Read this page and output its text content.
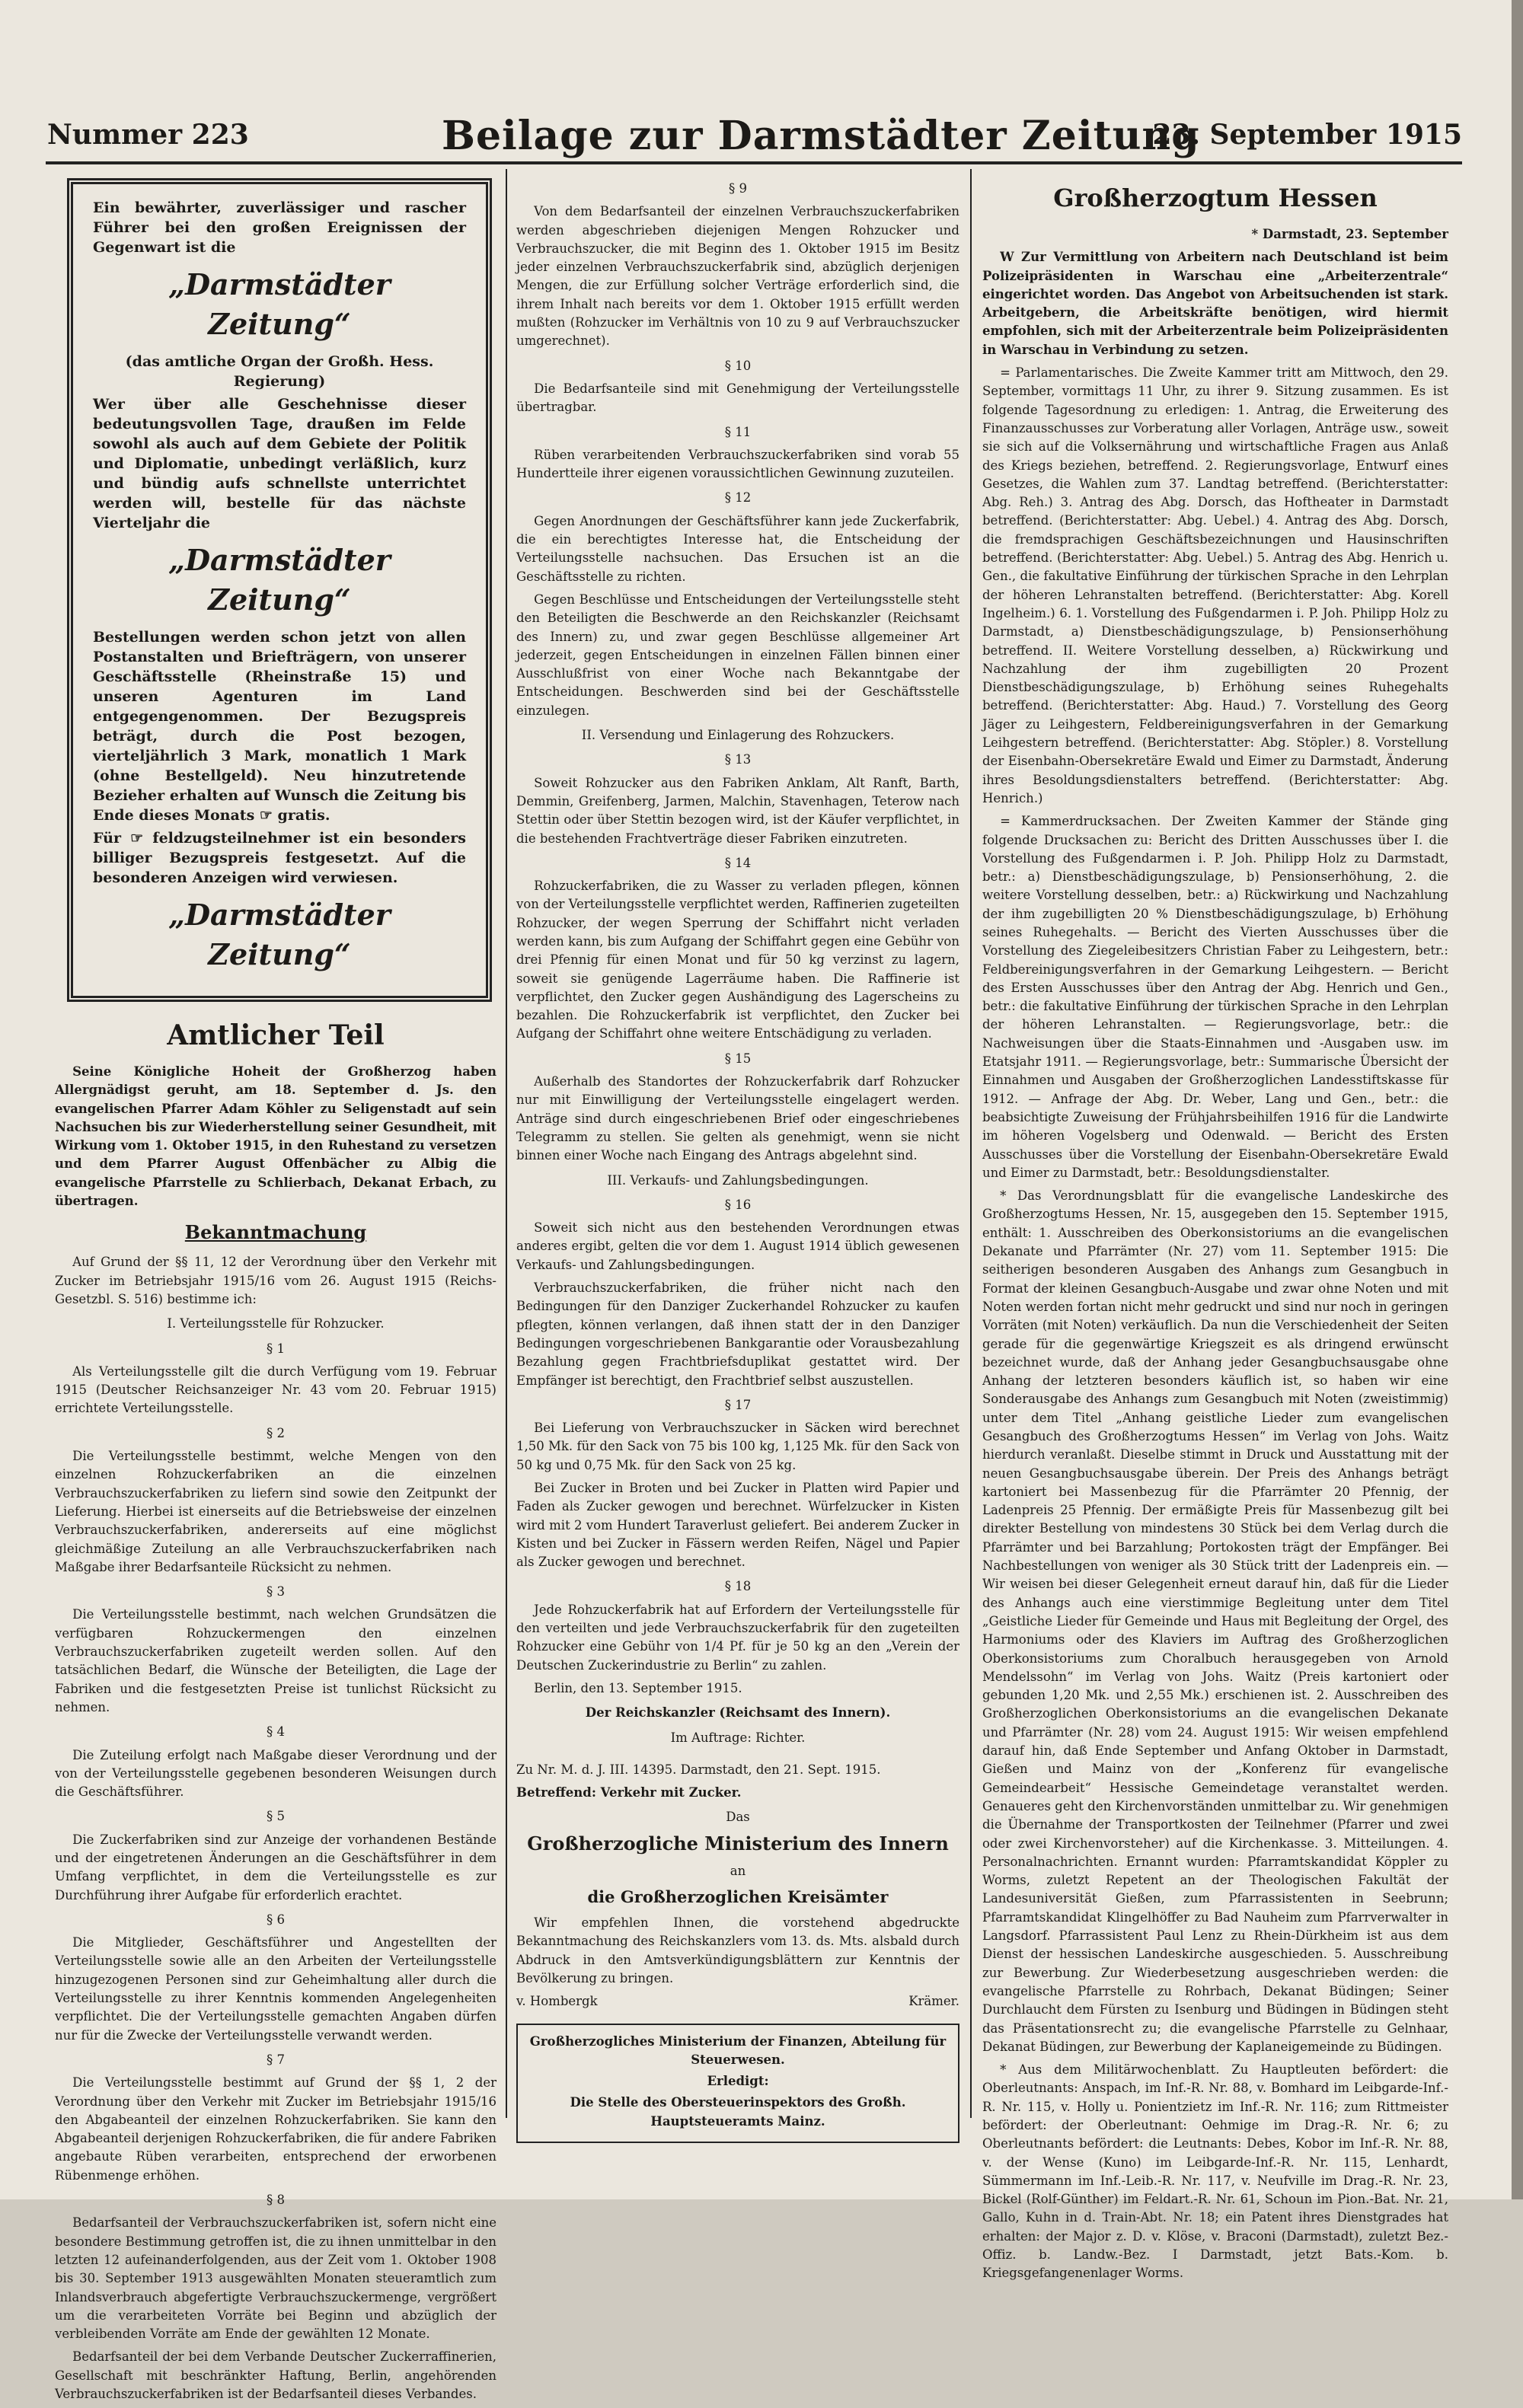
Nummer 223	Beilage zur Darmstädter Zeitung
23. September 1915

Ein bewährter, zuverlässiger und rascher Führer bei den großen Ereignissen der Gegenwart ist die

„Darmstädter Zeitung“

(das amtliche Organ der Großh. Hess. Regierung)

Wer über alle Geschehnisse dieser bedeutungsvollen Tage, draußen im Felde sowohl als auch auf dem Gebiete der Politik und Diplomatie, unbedingt verläßlich, kurz und bündig aufs schnellste unterrichtet werden will, bestelle für das nächste Vierteljahr die

„Darmstädter Zeitung“

Bestellungen werden schon jetzt von allen Postanstalten und Briefträgern, von unserer Geschäftsstelle (Rheinstraße 15) und unseren Agenturen im Land entgegengenommen. Der Bezugspreis beträgt, durch die Post bezogen, vierteljährlich 3 Mark, monatlich 1 Mark (ohne Bestellgeld). Neu hinzutretende Bezieher erhalten auf Wunsch die Zeitung bis Ende dieses Monats ☞ gratis.

Für ☞ feldzugsteilnehmer ist ein besonders billiger Bezugspreis festgesetzt. Auf die besonderen Anzeigen wird verwiesen.

„Darmstädter Zeitung“

Amtlicher Teil

Seine Königliche Hoheit der Großherzog haben Allergnädigst geruht, am 18. September d. Js. den evangelischen Pfarrer Adam Köhler zu Seligenstadt auf sein Nachsuchen bis zur Wiederherstellung seiner Gesundheit, mit Wirkung vom 1. Oktober 1915, in den Ruhestand zu versetzen und dem Pfarrer August Offenbächer zu Albig die evangelische Pfarrstelle zu Schlierbach, Dekanat Erbach, zu übertragen.

Bekanntmachung

Auf Grund der §§ 11, 12 der Verordnung über den Verkehr mit Zucker im Betriebsjahr 1915/16 vom 26. August 1915 (Reichs-Gesetzbl. S. 516) bestimme ich:

I. Verteilungsstelle für Rohzucker.

§ 1

Als Verteilungsstelle gilt die durch Verfügung vom 19. Februar 1915 (Deutscher Reichsanzeiger Nr. 43 vom 20. Februar 1915) errichtete Verteilungsstelle.

§ 2

Die Verteilungsstelle bestimmt, welche Mengen von den einzelnen Rohzuckerfabriken an die einzelnen Verbrauchszuckerfabriken zu liefern sind sowie den Zeitpunkt der Lieferung. Hierbei ist einerseits auf die Betriebsweise der einzelnen Verbrauchszuckerfabriken, andererseits auf eine möglichst gleichmäßige Zuteilung an alle Verbrauchszuckerfabriken nach Maßgabe ihrer Bedarfsanteile Rücksicht zu nehmen.

§ 3

Die Verteilungsstelle bestimmt, nach welchen Grundsätzen die verfügbaren Rohzuckermengen den einzelnen Verbrauchszuckerfabriken zugeteilt werden sollen. Auf den tatsächlichen Bedarf, die Wünsche der Beteiligten, die Lage der Fabriken und die festgesetzten Preise ist tunlichst Rücksicht zu nehmen.

§ 4

Die Zuteilung erfolgt nach Maßgabe dieser Verordnung und der von der Verteilungsstelle gegebenen besonderen Weisungen durch die Geschäftsführer.

§ 5

Die Zuckerfabriken sind zur Anzeige der vorhandenen Bestände und der eingetretenen Änderungen an die Geschäftsführer in dem Umfang verpflichtet, in dem die Verteilungsstelle es zur Durchführung ihrer Aufgabe für erforderlich erachtet.

§ 6

Die Mitglieder, Geschäftsführer und Angestellten der Verteilungsstelle sowie alle an den Arbeiten der Verteilungsstelle hinzugezogenen Personen sind zur Geheimhaltung aller durch die Verteilungsstelle zu ihrer Kenntnis kommenden Angelegenheiten verpflichtet. Die der Verteilungsstelle gemachten Angaben dürfen nur für die Zwecke der Verteilungsstelle verwandt werden.

§ 7

Die Verteilungsstelle bestimmt auf Grund der §§ 1, 2 der Verordnung über den Verkehr mit Zucker im Betriebsjahr 1915/16 den Abgabeanteil der einzelnen Rohzuckerfabriken. Sie kann den Abgabeanteil derjenigen Rohzuckerfabriken, die für andere Fabriken angebaute Rüben verarbeiten, entsprechend der erworbenen Rübenmenge erhöhen.

§ 8

Bedarfsanteil der Verbrauchszuckerfabriken ist, sofern nicht eine besondere Bestimmung getroffen ist, die zu ihnen unmittelbar in den letzten 12 aufeinanderfolgenden, aus der Zeit vom 1. Oktober 1908 bis 30. September 1913 ausgewählten Monaten steueramtlich zum Inlandsverbrauch abgefertigte Verbrauchszuckermenge, vergrößert um die verarbeiteten Vorräte bei Beginn und abzüglich der verbleibenden Vorräte am Ende der gewählten 12 Monate.

Bedarfsanteil der bei dem Verbande Deutscher Zuckerraffinerien, Gesellschaft mit beschränkter Haftung, Berlin, angehörenden Verbrauchszuckerfabriken ist der Bedarfsanteil dieses Verbandes.

§ 9

Von dem Bedarfsanteil der einzelnen Verbrauchszuckerfabriken werden abgeschrieben diejenigen Mengen Rohzucker und Verbrauchszucker, die mit Beginn des 1. Oktober 1915 im Besitz jeder einzelnen Verbrauchszuckerfabrik sind, abzüglich derjenigen Mengen, die zur Erfüllung solcher Verträge erforderlich sind, die ihrem Inhalt nach bereits vor dem 1. Oktober 1915 erfüllt werden mußten (Rohzucker im Verhältnis von 10 zu 9 auf Verbrauchszucker umgerechnet).

§ 10

Die Bedarfsanteile sind mit Genehmigung der Verteilungsstelle übertragbar.

§ 11

Rüben verarbeitenden Verbrauchszuckerfabriken sind vorab 55 Hundertteile ihrer eigenen voraussichtlichen Gewinnung zuzuteilen.

§ 12

Gegen Anordnungen der Geschäftsführer kann jede Zuckerfabrik, die ein berechtigtes Interesse hat, die Entscheidung der Verteilungsstelle nachsuchen. Das Ersuchen ist an die Geschäftsstelle zu richten.

Gegen Beschlüsse und Entscheidungen der Verteilungsstelle steht den Beteiligten die Beschwerde an den Reichskanzler (Reichsamt des Innern) zu, und zwar gegen Beschlüsse allgemeiner Art jederzeit, gegen Entscheidungen in einzelnen Fällen binnen einer Ausschlußfrist von einer Woche nach Bekanntgabe der Entscheidungen. Beschwerden sind bei der Geschäftsstelle einzulegen.

II. Versendung und Einlagerung des Rohzuckers.

§ 13

Soweit Rohzucker aus den Fabriken Anklam, Alt Ranft, Barth, Demmin, Greifenberg, Jarmen, Malchin, Stavenhagen, Teterow nach Stettin oder über Stettin bezogen wird, ist der Käufer verpflichtet, in die bestehenden Frachtverträge dieser Fabriken einzutreten.

§ 14

Rohzuckerfabriken, die zu Wasser zu verladen pflegen, können von der Verteilungsstelle verpflichtet werden, Raffinerien zugeteilten Rohzucker, der wegen Sperrung der Schiffahrt nicht verladen werden kann, bis zum Aufgang der Schiffahrt gegen eine Gebühr von drei Pfennig für einen Monat und für 50 kg verzinst zu lagern, soweit sie genügende Lagerräume haben. Die Raffinerie ist verpflichtet, den Zucker gegen Aushändigung des Lagerscheins zu bezahlen. Die Rohzuckerfabrik ist verpflichtet, den Zucker bei Aufgang der Schiffahrt ohne weitere Entschädigung zu verladen.

§ 15

Außerhalb des Standortes der Rohzuckerfabrik darf Rohzucker nur mit Einwilligung der Verteilungsstelle eingelagert werden. Anträge sind durch eingeschriebenen Brief oder eingeschriebenes Telegramm zu stellen. Sie gelten als genehmigt, wenn sie nicht binnen einer Woche nach Eingang des Antrags abgelehnt sind.

III. Verkaufs- und Zahlungsbedingungen.

§ 16

Soweit sich nicht aus den bestehenden Verordnungen etwas anderes ergibt, gelten die vor dem 1. August 1914 üblich gewesenen Verkaufs- und Zahlungsbedingungen.

Verbrauchszuckerfabriken, die früher nicht nach den Bedingungen für den Danziger Zuckerhandel Rohzucker zu kaufen pflegten, können verlangen, daß ihnen statt der in den Danziger Bedingungen vorgeschriebenen Bankgarantie oder Vorausbezahlung Bezahlung gegen Frachtbriefsduplikat gestattet wird. Der Empfänger ist berechtigt, den Frachtbrief selbst auszustellen.

§ 17

Bei Lieferung von Verbrauchszucker in Säcken wird berechnet 1,50 Mk. für den Sack von 75 bis 100 kg, 1,125 Mk. für den Sack von 50 kg und 0,75 Mk. für den Sack von 25 kg.

Bei Zucker in Broten und bei Zucker in Platten wird Papier und Faden als Zucker gewogen und berechnet. Würfelzucker in Kisten wird mit 2 vom Hundert Taraverlust geliefert. Bei anderem Zucker in Kisten und bei Zucker in Fässern werden Reifen, Nägel und Papier als Zucker gewogen und berechnet.

§ 18

Jede Rohzuckerfabrik hat auf Erfordern der Verteilungsstelle für den verteilten und jede Verbrauchszuckerfabrik für den zugeteilten Rohzucker eine Gebühr von 1/4 Pf. für je 50 kg an den „Verein der Deutschen Zuckerindustrie zu Berlin“ zu zahlen.

Berlin, den 13. September 1915.

Der Reichskanzler (Reichsamt des Innern).

Im Auftrage: Richter.

Zu Nr. M. d. J. III. 14395. Darmstadt, den 21. Sept. 1915.

Betreffend: Verkehr mit Zucker.

Das

Großherzogliche Ministerium des Innern

an

die Großherzoglichen Kreisämter

Wir empfehlen Ihnen, die vorstehend abgedruckte Bekanntmachung des Reichskanzlers vom 13. ds. Mts. alsbald durch Abdruck in den Amtsverkündigungsblättern zur Kenntnis der Bevölkerung zu bringen.

v. Hombergk	Krämer.

Großherzogliches Ministerium der Finanzen, Abteilung für Steuerwesen.

Erledigt:

Die Stelle des Obersteuerinspektors des Großh. Hauptsteueramts Mainz.

Großherzogtum Hessen

* Darmstadt, 23. September

W Zur Vermittlung von Arbeitern nach Deutschland ist beim Polizeipräsidenten in Warschau eine „Arbeiterzentrale“ eingerichtet worden. Das Angebot von Arbeitsuchenden ist stark. Arbeitgebern, die Arbeitskräfte benötigen, wird hiermit empfohlen, sich mit der Arbeiterzentrale beim Polizeipräsidenten in Warschau in Verbindung zu setzen.

= Parlamentarisches. Die Zweite Kammer tritt am Mittwoch, den 29. September, vormittags 11 Uhr, zu ihrer 9. Sitzung zusammen. Es ist folgende Tagesordnung zu erledigen: 1. Antrag, die Erweiterung des Finanzausschusses zur Vorberatung aller Vorlagen, Anträge usw., soweit sie sich auf die Volksernährung und wirtschaftliche Fragen aus Anlaß des Kriegs beziehen, betreffend. 2. Regierungsvorlage, Entwurf eines Gesetzes, die Wahlen zum 37. Landtag betreffend. (Berichterstatter: Abg. Reh.) 3. Antrag des Abg. Dorsch, das Hoftheater in Darmstadt betreffend. (Berichterstatter: Abg. Uebel.) 4. Antrag des Abg. Dorsch, die fremdsprachigen Geschäftsbezeichnungen und Hausinschriften betreffend. (Berichterstatter: Abg. Uebel.) 5. Antrag des Abg. Henrich u. Gen., die fakultative Einführung der türkischen Sprache in den Lehrplan der höheren Lehranstalten betreffend. (Berichterstatter: Abg. Korell Ingelheim.) 6. 1. Vorstellung des Fußgendarmen i. P. Joh. Philipp Holz zu Darmstadt, a) Dienstbeschädigungszulage, b) Pensionserhöhung betreffend. II. Weitere Vorstellung desselben, a) Rückwirkung und Nachzahlung der ihm zugebilligten 20 Prozent Dienstbeschädigungszulage, b) Erhöhung seines Ruhegehalts betreffend. (Berichterstatter: Abg. Haud.) 7. Vorstellung des Georg Jäger zu Leihgestern, Feldbereinigungsverfahren in der Gemarkung Leihgestern betreffend. (Berichterstatter: Abg. Stöpler.) 8. Vorstellung der Eisenbahn-Obersekretäre Ewald und Eimer zu Darmstadt, Änderung ihres Besoldungsdienstalters betreffend. (Berichterstatter: Abg. Henrich.)

= Kammerdrucksachen. Der Zweiten Kammer der Stände ging folgende Drucksachen zu: Bericht des Dritten Ausschusses über I. die Vorstellung des Fußgendarmen i. P. Joh. Philipp Holz zu Darmstadt, betr.: a) Dienstbeschädigungszulage, b) Pensionserhöhung, 2. die weitere Vorstellung desselben, betr.: a) Rückwirkung und Nachzahlung der ihm zugebilligten 20 % Dienstbeschädigungszulage, b) Erhöhung seines Ruhegehalts. — Bericht des Vierten Ausschusses über die Vorstellung des Ziegeleibesitzers Christian Faber zu Leihgestern, betr.: Feldbereinigungsverfahren in der Gemarkung Leihgestern. — Bericht des Ersten Ausschusses über den Antrag der Abg. Henrich und Gen., betr.: die fakultative Einführung der türkischen Sprache in den Lehrplan der höheren Lehranstalten. — Regierungsvorlage, betr.: die Nachweisungen über die Staats-Einnahmen und -Ausgaben usw. im Etatsjahr 1911. — Regierungsvorlage, betr.: Summarische Übersicht der Einnahmen und Ausgaben der Großherzoglichen Landesstiftskasse für 1912. — Anfrage der Abg. Dr. Weber, Lang und Gen., betr.: die beabsichtigte Zuweisung der Frühjahrsbeihilfen 1916 für die Landwirte im höheren Vogelsberg und Odenwald. — Bericht des Ersten Ausschusses über die Vorstellung der Eisenbahn-Obersekretäre Ewald und Eimer zu Darmstadt, betr.: Besoldungsdienstalter.

* Das Verordnungsblatt für die evangelische Landeskirche des Großherzogtums Hessen, Nr. 15, ausgegeben den 15. September 1915, enthält: 1. Ausschreiben des Oberkonsistoriums an die evangelischen Dekanate und Pfarrämter (Nr. 27) vom 11. September 1915: Die seitherigen besonderen Ausgaben des Anhangs zum Gesangbuch in Format der kleinen Gesangbuch-Ausgabe und zwar ohne Noten und mit Noten werden fortan nicht mehr gedruckt und sind nur noch in geringen Vorräten (mit Noten) verkäuflich. Da nun die Verschiedenheit der Seiten gerade für die gegenwärtige Kriegszeit es als dringend erwünscht bezeichnet wurde, daß der Anhang jeder Gesangbuchsausgabe ohne Anhang der letzteren besonders käuflich ist, so haben wir eine Sonderausgabe des Anhangs zum Gesangbuch mit Noten (zweistimmig) unter dem Titel „Anhang geistliche Lieder zum evangelischen Gesangbuch des Großherzogtums Hessen“ im Verlag von Johs. Waitz hierdurch veranlaßt. Dieselbe stimmt in Druck und Ausstattung mit der neuen Gesangbuchsausgabe überein. Der Preis des Anhangs beträgt kartoniert bei Massenbezug für die Pfarrämter 20 Pfennig, der Ladenpreis 25 Pfennig. Der ermäßigte Preis für Massenbezug gilt bei direkter Bestellung von mindestens 30 Stück bei dem Verlag durch die Pfarrämter und bei Barzahlung; Portokosten trägt der Empfänger. Bei Nachbestellungen von weniger als 30 Stück tritt der Ladenpreis ein. — Wir weisen bei dieser Gelegenheit erneut darauf hin, daß für die Lieder des Anhangs auch eine vierstimmige Begleitung unter dem Titel „Geistliche Lieder für Gemeinde und Haus mit Begleitung der Orgel, des Harmoniums oder des Klaviers im Auftrag des Großherzoglichen Oberkonsistoriums zum Choralbuch herausgegeben von Arnold Mendelssohn“ im Verlag von Johs. Waitz (Preis kartoniert oder gebunden 1,20 Mk. und 2,55 Mk.) erschienen ist. 2. Ausschreiben des Großherzoglichen Oberkonsistoriums an die evangelischen Dekanate und Pfarrämter (Nr. 28) vom 24. August 1915: Wir weisen empfehlend darauf hin, daß Ende September und Anfang Oktober in Darmstadt, Gießen und Mainz von der „Konferenz für evangelische Gemeindearbeit“ Hessische Gemeindetage veranstaltet werden. Genaueres geht den Kirchenvorständen unmittelbar zu. Wir genehmigen die Übernahme der Transportkosten der Teilnehmer (Pfarrer und zwei oder zwei Kirchenvorsteher) auf die Kirchenkasse. 3. Mitteilungen. 4. Personalnachrichten. Ernannt wurden: Pfarramtskandidat Köppler zu Worms, zuletzt Repetent an der Theologischen Fakultät der Landesuniversität Gießen, zum Pfarrassistenten in Seebrunn; Pfarramtskandidat Klingelhöffer zu Bad Nauheim zum Pfarrverwalter in Langsdorf. Pfarrassistent Paul Lenz zu Rhein-Dürkheim ist aus dem Dienst der hessischen Landeskirche ausgeschieden. 5. Ausschreibung zur Bewerbung. Zur Wiederbesetzung ausgeschrieben werden: die evangelische Pfarrstelle zu Rohrbach, Dekanat Büdingen; Seiner Durchlaucht dem Fürsten zu Isenburg und Büdingen in Büdingen steht das Präsentationsrecht zu; die evangelische Pfarrstelle zu Gelnhaar, Dekanat Büdingen, zur Bewerbung der Kaplaneigemeinde zu Büdingen.

* Aus dem Militärwochenblatt. Zu Hauptleuten befördert: die Oberleutnants: Anspach, im Inf.-R. Nr. 88, v. Bomhard im Leibgarde-Inf.-R. Nr. 115, v. Holly u. Ponientzietz im Inf.-R. Nr. 116; zum Rittmeister befördert: der Oberleutnant: Oehmige im Drag.-R. Nr. 6; zu Oberleutnants befördert: die Leutnants: Debes, Kobor im Inf.-R. Nr. 88, v. der Wense (Kuno) im Leibgarde-Inf.-R. Nr. 115, Lenhardt, Sümmermann im Inf.-Leib.-R. Nr. 117, v. Neufville im Drag.-R. Nr. 23, Bickel (Rolf-Günther) im Feldart.-R. Nr. 61, Schoun im Pion.-Bat. Nr. 21, Gallo, Kuhn in d. Train-Abt. Nr. 18; ein Patent ihres Dienstgrades hat erhalten: der Major z. D. v. Klöse, v. Braconi (Darmstadt), zuletzt Bez.-Offiz. b. Landw.-Bez. I Darmstadt, jetzt Bats.-Kom. b. Kriegsgefangenenlager Worms.
